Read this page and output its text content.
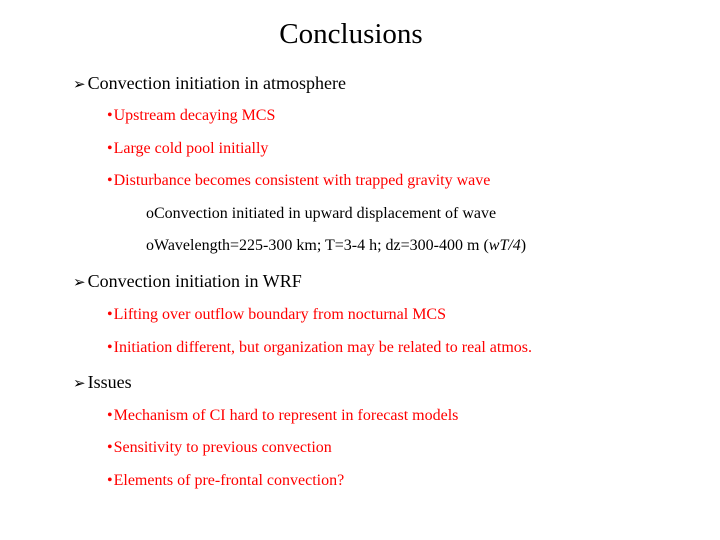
Conclusions
➢ Convection initiation in atmosphere
•Upstream decaying MCS
•Large cold pool initially
•Disturbance becomes consistent with trapped gravity wave
oConvection initiated in upward displacement of wave
oWavelength=225-300 km; T=3-4 h; dz=300-400 m (wT/4)
➢ Convection initiation in WRF
•Lifting over outflow boundary from nocturnal MCS
•Initiation different, but organization may be related to real atmos.
➢ Issues
•Mechanism of CI hard to represent in forecast models
•Sensitivity to previous convection
•Elements of pre-frontal convection?
